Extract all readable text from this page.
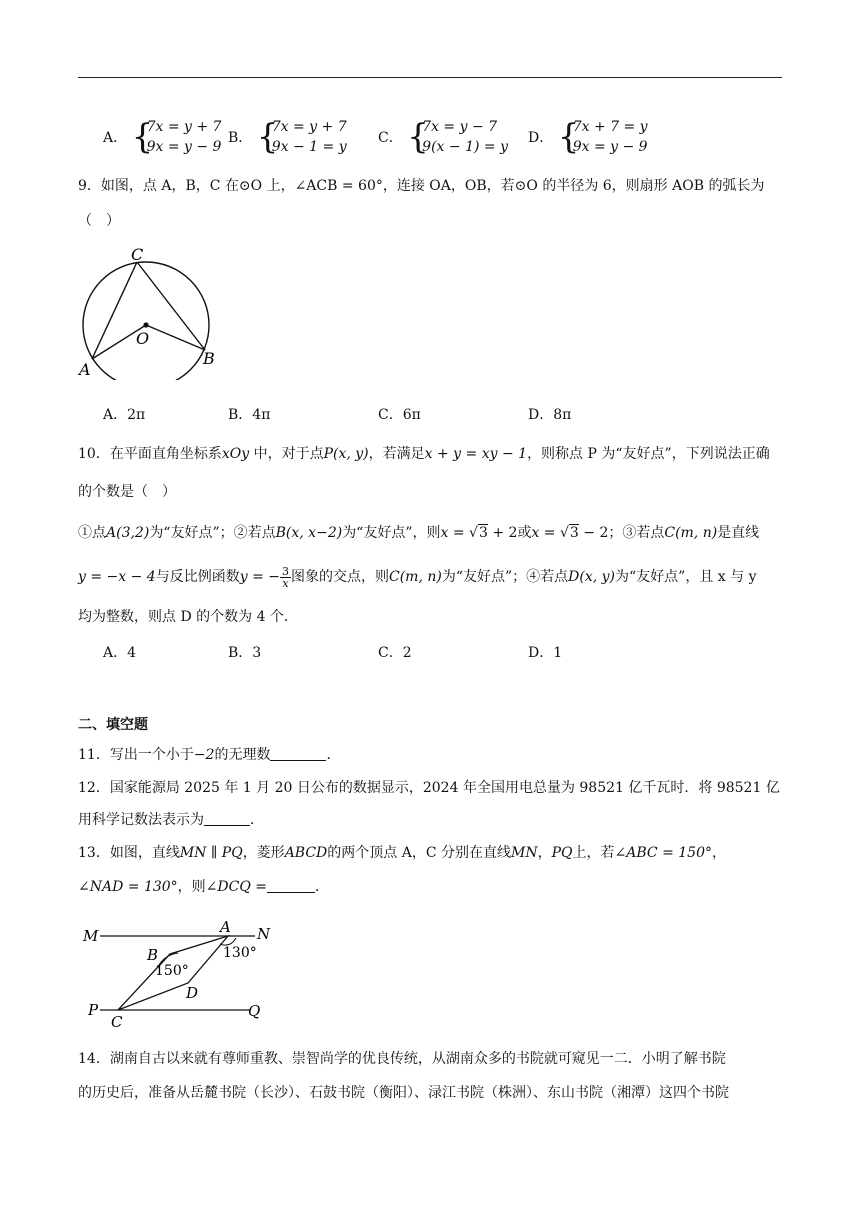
A． {
7x = y + 7
9x = y − 9
B． {
7x = y + 7
9x − 1 = y
C． {
7x = y − 7
9(x − 1) = y
D． {
7x + 7 = y
9x = y − 9
9．如图，点 A，B，C 在⊙O 上，∠ACB = 60°，连接 OA，OB，若⊙O 的半径为 6，则扇形 AOB 的弧长为
（　）
C
O
A
B
A．2π	B．4π	C．6π	D．8π
10．在平面直角坐标系xOy 中，对于点P(x, y)，若满足x + y = xy − 1，则称点 P 为“友好点”，下列说法正确
的个数是（　）
①点A(3,2)为“友好点”；②若点B(x, x−2)为“友好点”，则x = √3 + 2或x = √3 − 2；③若点C(m, n)是直线
y = −x − 4与反比例函数y = − $\frac{3}{x}$ 图象的交点，则C(m, n)为“友好点”；④若点D(x, y)为“友好点”，且 x 与 y
均为整数，则点 D 的个数为 4 个．
A．4	B．3	C．2	D．1
二、填空题
11．写出一个小于−2的无理数	．
12．国家能源局 2025 年 1 月 20 日公布的数据显示，2024 年全国用电总量为 98521 亿千瓦时．将 98521 亿
用科学记数法表示为	．
13．如图，直线MN ∥ PQ，菱形ABCD的两个顶点 A，C 分别在直线MN，PQ上，若∠ABC = 150°，
∠NAD = 130°，则∠DCQ =	．
M	A N
130°
B
150°
D
P
C
Q
14．湖南自古以来就有尊师重教、崇智尚学的优良传统，从湖南众多的书院就可窥见一二．小明了解书院
的历史后，准备从岳麓书院（长沙）、石鼓书院（衡阳）、渌江书院（株洲）、东山书院（湘潭）这四个书院
